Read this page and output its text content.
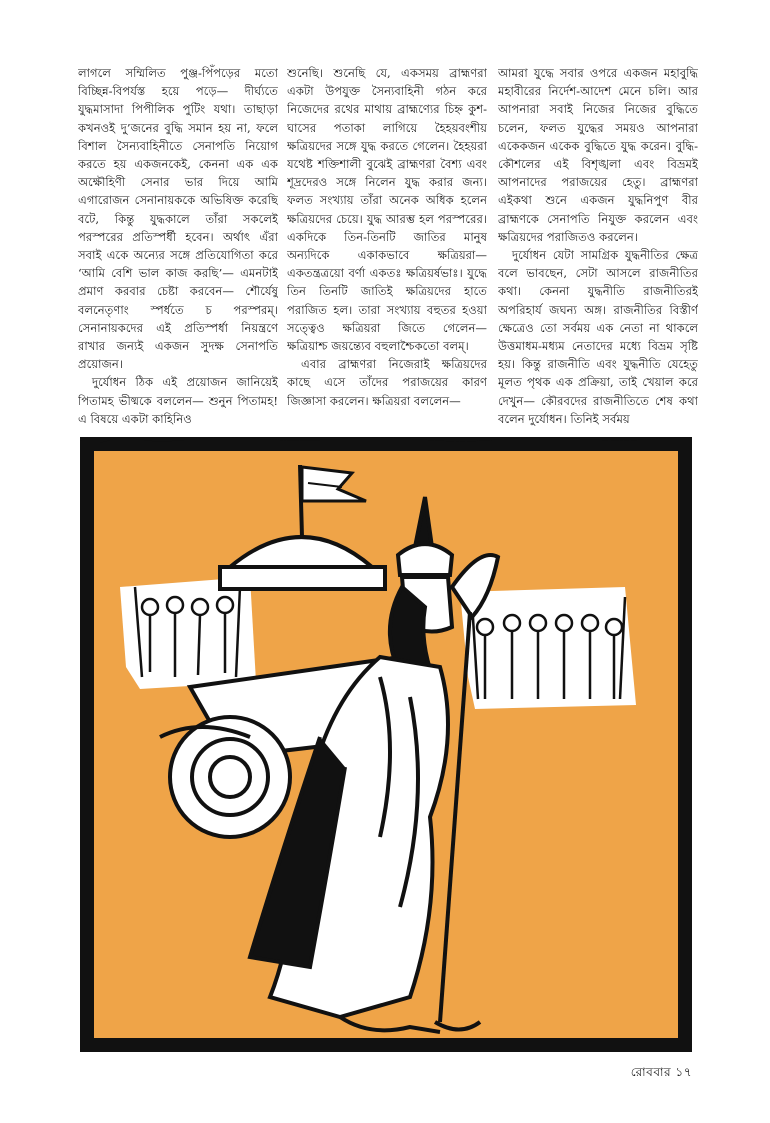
লাগলে সম্মিলিত পুঞ্জ-পিঁপড়ের মতো বিচ্ছিন্ন-বিপর্যস্ত হয়ে পড়ে— দীর্ঘ্যতে যুদ্ধমাসাদা পিপীলিক পুটিং যথা। তাছাড়া কখনওই দু’জনের বুদ্ধি সমান হয় না, ফলে বিশাল সৈন্যবাহিনীতে সেনাপতি নিয়োগ করতে হয় একজনকেই, কেননা এক এক অক্ষৌহিণী সেনার ভার দিয়ে আমি এগারোজন সেনানায়ককে অভিষিক্ত করেছি বটে, কিন্তু যুদ্ধকালে তাঁরা সকলেই পরস্পরের প্রতিস্পর্ধী হবেন। অর্থাৎ এঁরা সবাই একে অন্যের সঙ্গে প্রতিযোগিতা করে ‘আমি বেশি ভাল কাজ করছি’— এমনটাই প্রমাণ করবার চেষ্টা করবেন— শৌর্যেষু বলনেতৃণাং স্পর্ধতে চ পরস্পরম্। সেনানায়কদের এই প্রতিস্পর্ধা নিয়ন্ত্রণে রাখার জন্যই একজন সুদক্ষ সেনাপতি প্রয়োজন।

দুর্যোধন ঠিক এই প্রয়োজন জানিয়েই পিতামহ ভীষ্মকে বললেন— শুনুন পিতামহ! এ বিষয়ে একটা কাহিনিও

শুনেছি। শুনেছি যে, একসময় ব্রাহ্মণরা একটা উপযুক্ত সৈন্যবাহিনী গঠন করে নিজেদের রথের মাথায় ব্রাহ্মণ্যের চিহ্ন কুশ-ঘাসের পতাকা লাগিয়ে হৈহয়বংশীয় ক্ষত্রিয়দের সঙ্গে যুদ্ধ করতে গেলেন। হৈহয়রা যথেষ্ট শক্তিশালী বুঝেই ব্রাহ্মণরা বৈশ্য এবং শূদ্রদেরও সঙ্গে নিলেন যুদ্ধ করার জন্য। ফলত সংখ্যায় তাঁরা অনেক অধিক হলেন ক্ষত্রিয়দের চেয়ে। যুদ্ধ আরম্ভ হল পরস্পরের। একদিকে তিন-তিনটি জাতির মানুষ অন্যদিকে একাকভাবে ক্ষত্রিয়রা— একতন্ত্রত্রয়ো বর্ণা একতঃ ক্ষত্রিয়র্ষভাঃ। যুদ্ধে তিন তিনটি জাতিই ক্ষত্রিয়দের হাতে পরাজিত হল। তারা সংখ্যায় বহুতর হওয়া সত্ত্বেও ক্ষত্রিয়রা জিতে গেলেন— ক্ষত্রিয়াশ্চ জয়ন্ত্যেব বহুলাশ্চৈকতো বলম্।

এবার ব্রাহ্মণরা নিজেরাই ক্ষত্রিয়দের কাছে এসে তাঁদের পরাজয়ের কারণ জিজ্ঞাসা করলেন। ক্ষত্রিয়রা বললেন—

আমরা যুদ্ধে সবার ওপরে একজন মহাবুদ্ধি মহাবীরের নির্দেশ-আদেশ মেনে চলি। আর আপনারা সবাই নিজের নিজের বুদ্ধিতে চলেন, ফলত যুদ্ধের সময়ও আপনারা একেকজন একেক বুদ্ধিতে যুদ্ধ করেন। বুদ্ধি-কৌশলের এই বিশৃঙ্খলা এবং বিভ্রমই আপনাদের পরাজয়ের হেতু। ব্রাহ্মণরা এইকথা শুনে একজন যুদ্ধনিপুণ বীর ব্রাহ্মণকে সেনাপতি নিযুক্ত করলেন এবং ক্ষত্রিয়দের পরাজিতও করলেন।

দুর্যোধন যেটা সামগ্রিক যুদ্ধনীতির ক্ষেত্র বলে ভাবছেন, সেটা আসলে রাজনীতির কথা। কেননা যুদ্ধনীতি রাজনীতিরই অপরিহার্য জঘন্য অঙ্গ। রাজনীতির বিস্তীর্ণ ক্ষেত্রেও তো সর্বময় এক নেতা না থাকলে উত্তমাধম-মধ্যম নেতাদের মধ্যে বিভ্রম সৃষ্টি হয়। কিন্তু রাজনীতি এবং যুদ্ধনীতি যেহেতু মূলত পৃথক এক প্রক্রিয়া, তাই খেয়াল করে দেখুন— কৌরবদের রাজনীতিতে শেষ কথা বলেন দুর্যোধন। তিনিই সর্বময়

রোববার ১৭
